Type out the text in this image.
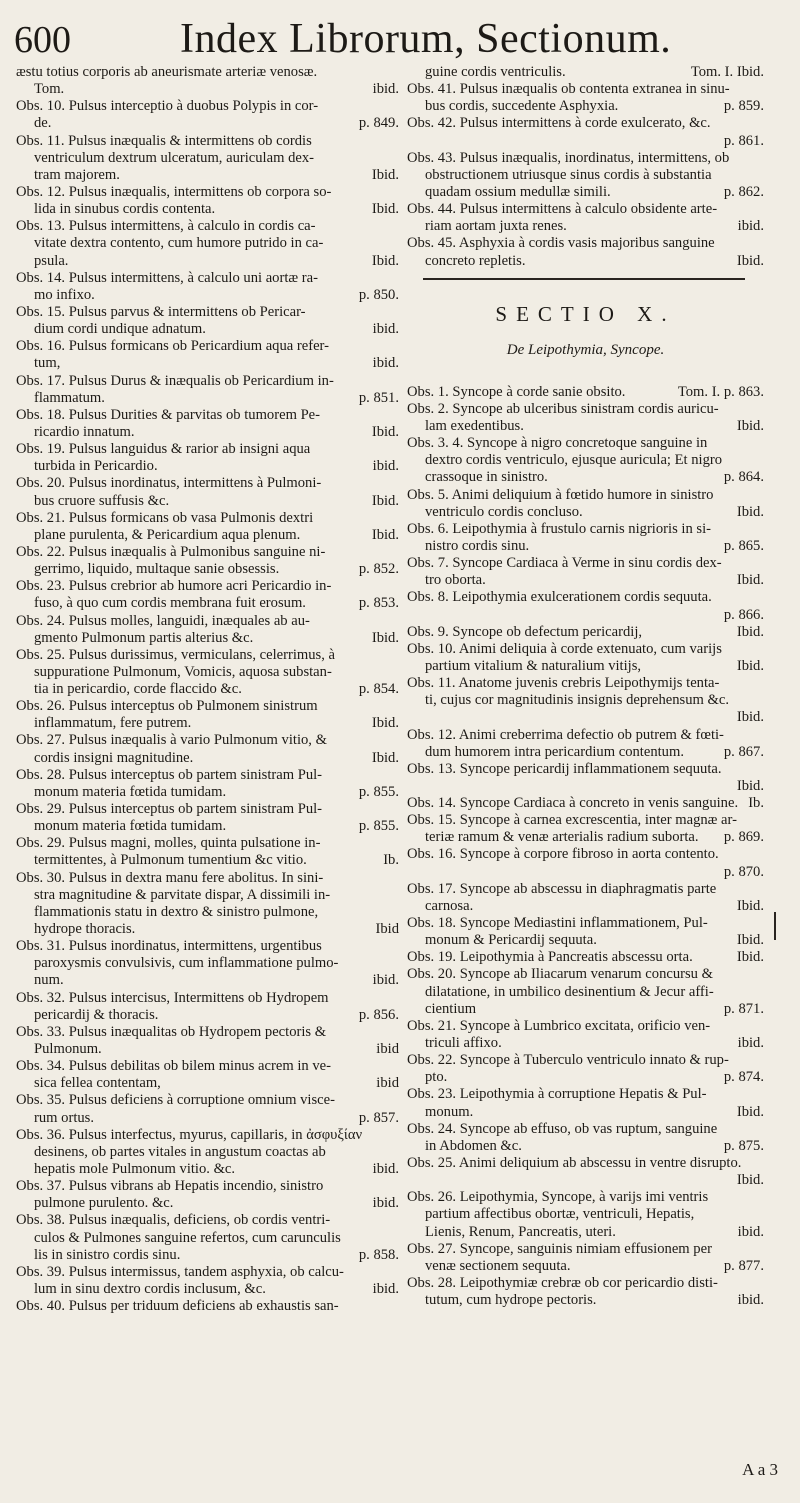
600	Index Librorum, Sectionum.
æstu totius corporis ab aneurismate arteriæ venosæ.
Tom.	ibid.
Obs. 10. Pulsus interceptio à duobus Polypis in cor-
de.	p. 849.
Obs. 11. Pulsus inæqualis & intermittens ob cordis
ventriculum dextrum ulceratum, auriculam dex-
tram majorem.	Ibid.
Obs. 12. Pulsus inæqualis, intermittens ob corpora so-
lida in sinubus cordis contenta.	Ibid.
Obs. 13. Pulsus intermittens, à calculo in cordis ca-
vitate dextra contento, cum humore putrido in ca-
psula.	Ibid.
Obs. 14. Pulsus intermittens, à calculo uni aortæ ra-
mo infixo.	p. 850.
Obs. 15. Pulsus parvus & intermittens ob Pericar-
dium cordi undique adnatum.	ibid.
Obs. 16. Pulsus formicans ob Pericardium aqua refer-
tum,	ibid.
Obs. 17. Pulsus Durus & inæqualis ob Pericardium in-
flammatum.	p. 851.
Obs. 18. Pulsus Durities & parvitas ob tumorem Pe-
ricardio innatum.	Ibid.
Obs. 19. Pulsus languidus & rarior ab insigni aqua
turbida in Pericardio.	ibid.
Obs. 20. Pulsus inordinatus, intermittens à Pulmoni-
bus cruore suffusis &c.	Ibid.
Obs. 21. Pulsus formicans ob vasa Pulmonis dextri
plane purulenta, & Pericardium aqua plenum.	Ibid.
Obs. 22. Pulsus inæqualis à Pulmonibus sanguine ni-
gerrimo, liquido, multaque sanie obsessis.	p. 852.
Obs. 23. Pulsus crebrior ab humore acri Pericardio in-
fuso, à quo cum cordis membrana fuit erosum.	p. 853.
Obs. 24. Pulsus molles, languidi, inæquales ab au-
gmento Pulmonum partis alterius &c.	Ibid.
Obs. 25. Pulsus durissimus, vermiculans, celerrimus, à
suppuratione Pulmonum, Vomicis, aquosa substan-
tia in pericardio, corde flaccido &c.	p. 854.
Obs. 26. Pulsus interceptus ob Pulmonem sinistrum
inflammatum, fere putrem.	Ibid.
Obs. 27. Pulsus inæqualis à vario Pulmonum vitio, &
cordis insigni magnitudine.	Ibid.
Obs. 28. Pulsus interceptus ob partem sinistram Pul-
monum materia fœtida tumidam.	p. 855.
Obs. 29. Pulsus interceptus ob partem sinistram Pul-
monum materia fœtida tumidam.	p. 855.
Obs. 29. Pulsus magni, molles, quinta pulsatione in-
termittentes, à Pulmonum tumentium &c vitio.	Ib.
Obs. 30. Pulsus in dextra manu fere abolitus. In sini-
stra magnitudine & parvitate dispar, A dissimili in-
flammationis statu in dextro & sinistro pulmone,
hydrope thoracis.	Ibid
Obs. 31. Pulsus inordinatus, intermittens, urgentibus
paroxysmis convulsivis, cum inflammatione pulmo-
num.	ibid.
Obs. 32. Pulsus intercisus, Intermittens ob Hydropem
pericardij & thoracis.	p. 856.
Obs. 33. Pulsus inæqualitas ob Hydropem pectoris &
Pulmonum.	ibid
Obs. 34. Pulsus debilitas ob bilem minus acrem in ve-
sica fellea contentam,	ibid
Obs. 35. Pulsus deficiens à corruptione omnium visce-
rum ortus.	p. 857.
Obs. 36. Pulsus interfectus, myurus, capillaris, in ἀσφυξίαν
desinens, ob partes vitales in angustum coactas ab
hepatis mole Pulmonum vitio. &c.	ibid.
Obs. 37. Pulsus vibrans ab Hepatis incendio, sinistro
pulmone purulento. &c.	ibid.
Obs. 38. Pulsus inæqualis, deficiens, ob cordis ventri-
culos & Pulmones sanguine refertos, cum carunculis
lis in sinistro cordis sinu.	p. 858.
Obs. 39. Pulsus intermissus, tandem asphyxia, ob calcu-
lum in sinu dextro cordis inclusum, &c.	ibid.
Obs. 40. Pulsus per triduum deficiens ab exhaustis san-
guine cordis ventriculis.	Tom. I. Ibid.
Obs. 41. Pulsus inæqualis ob contenta extranea in sinu-
bus cordis, succedente Asphyxia.	p. 859.
Obs. 42. Pulsus intermittens à corde exulcerato, &c.
p. 861.
Obs. 43. Pulsus inæqualis, inordinatus, intermittens, ob
obstructionem utriusque sinus cordis à substantia
quadam ossium medullæ simili.	p. 862.
Obs. 44. Pulsus intermittens à calculo obsidente arte-
riam aortam juxta renes.	ibid.
Obs. 45. Asphyxia à cordis vasis majoribus sanguine
concreto repletis.	Ibid.
SECTIO X.
De Leipothymia, Syncope.
Obs. 1. Syncope à corde sanie obsito.	Tom. I. p. 863.
Obs. 2. Syncope ab ulceribus sinistram cordis auricu-
lam exedentibus.	Ibid.
Obs. 3. 4. Syncope à nigro concretoque sanguine in
dextro cordis ventriculo, ejusque auricula; Et nigro
crassoque in sinistro.	p. 864.
Obs. 5. Animi deliquium à fœtido humore in sinistro
ventriculo cordis concluso.	Ibid.
Obs. 6. Leipothymia à frustulo carnis nigrioris in si-
nistro cordis sinu.	p. 865.
Obs. 7. Syncope Cardiaca à Verme in sinu cordis dex-
tro oborta.	Ibid.
Obs. 8. Leipothymia exulcerationem cordis sequuta.
p. 866.
Obs. 9. Syncope ob defectum pericardij,	Ibid.
Obs. 10. Animi deliquia à corde extenuato, cum varijs
partium vitalium & naturalium vitijs,	Ibid.
Obs. 11. Anatome juvenis crebris Leipothymijs tenta-
ti, cujus cor magnitudinis insignis deprehensum &c.
Ibid.
Obs. 12. Animi creberrima defectio ob putrem & fœti-
dum humorem intra pericardium contentum.	p. 867.
Obs. 13. Syncope pericardij inflammationem sequuta.
Ibid.
Obs. 14. Syncope Cardiaca à concreto in venis sanguine. Ib.
Obs. 15. Syncope à carnea excrescentia, inter magnæ ar-
teriæ ramum & venæ arterialis radium suborta.	p. 869.
Obs. 16. Syncope à corpore fibroso in aorta contento.
p. 870.
Obs. 17. Syncope ab abscessu in diaphragmatis parte
carnosa.	Ibid.
Obs. 18. Syncope Mediastini inflammationem, Pul-
monum & Pericardij sequuta.	Ibid.
Obs. 19. Leipothymia à Pancreatis abscessu orta.	Ibid.
Obs. 20. Syncope ab Iliacarum venarum concursu &
dilatatione, in umbilico desinentium & Jecur affi-
cientium	p. 871.
Obs. 21. Syncope à Lumbrico excitata, orificio ven-
triculi affixo.	ibid.
Obs. 22. Syncope à Tuberculo ventriculo innato & rup-
pto.	p. 874.
Obs. 23. Leipothymia à corruptione Hepatis & Pul-
monum.	Ibid.
Obs. 24. Syncope ab effuso, ob vas ruptum, sanguine
in Abdomen &c.	p. 875.
Obs. 25. Animi deliquium ab abscessu in ventre disrupto.
Ibid.
Obs. 26. Leipothymia, Syncope, à varijs imi ventris
partium affectibus obortæ, ventriculi, Hepatis,
Lienis, Renum, Pancreatis, uteri.	ibid.
Obs. 27. Syncope, sanguinis nimiam effusionem per
venæ sectionem sequuta.	p. 877.
Obs. 28. Leipothymiæ crebræ ob cor pericardio disti-
tutum, cum hydrope pectoris.	ibid.
A a 3
